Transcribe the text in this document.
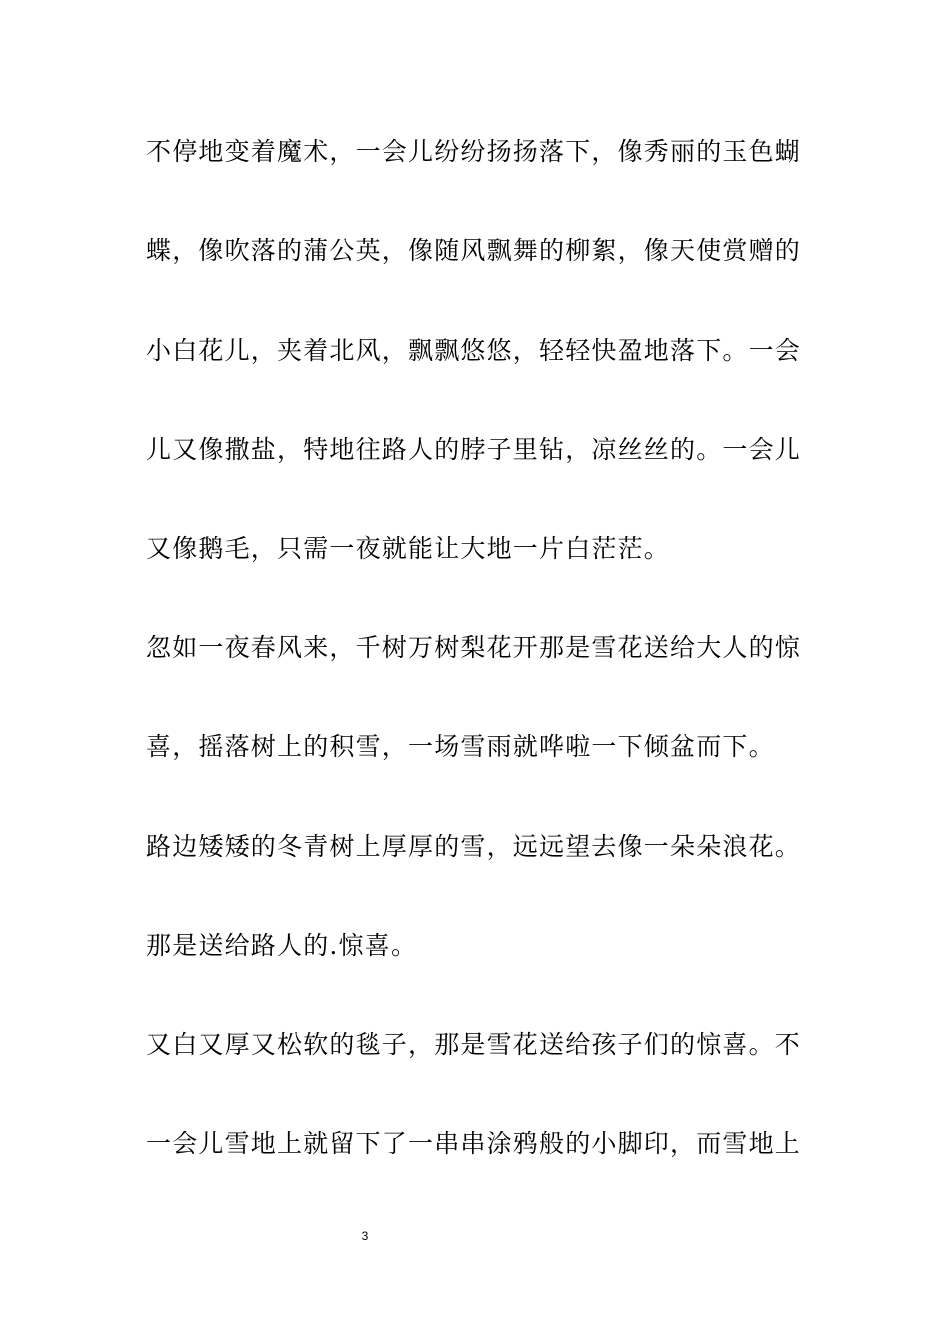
不停地变着魔术，一会儿纷纷扬扬落下，像秀丽的玉色蝴
蝶，像吹落的蒲公英，像随风飘舞的柳絮，像天使赏赠的
小白花儿，夹着北风，飘飘悠悠，轻轻快盈地落下。一会
儿又像撒盐，特地往路人的脖子里钻，凉丝丝的。一会儿
又像鹅毛，只需一夜就能让大地一片白茫茫。
忽如一夜春风来，千树万树梨花开那是雪花送给大人的惊
喜，摇落树上的积雪，一场雪雨就哗啦一下倾盆而下。
路边矮矮的冬青树上厚厚的雪，远远望去像一朵朵浪花。
那是送给路人的.惊喜。
又白又厚又松软的毯子，那是雪花送给孩子们的惊喜。不
一会儿雪地上就留下了一串串涂鸦般的小脚印，而雪地上
3
